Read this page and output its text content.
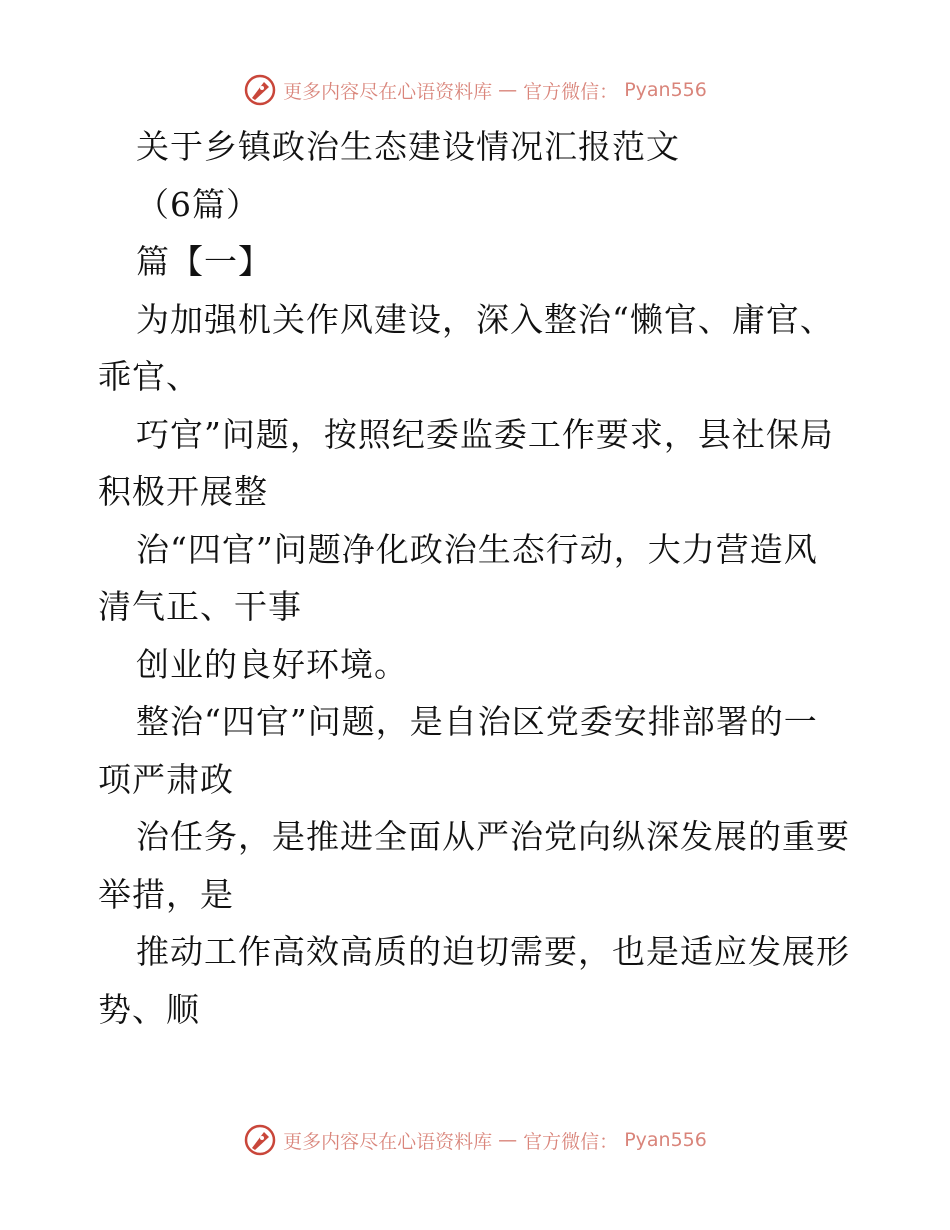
更多内容尽在心语资料库 — 官方微信： Pyan556
关于乡镇政治生态建设情况汇报范文
（6篇）
篇【一】
为加强机关作风建设，深入整治“懒官、庸官、
乖官、
巧官”问题，按照纪委监委工作要求，县社保局
积极开展整
治“四官”问题净化政治生态行动，大力营造风
清气正、干事
创业的良好环境。
整治“四官”问题，是自治区党委安排部署的一
项严肃政
治任务，是推进全面从严治党向纵深发展的重要
举措，是
推动工作高效高质的迫切需要，也是适应发展形
势、顺
更多内容尽在心语资料库 — 官方微信： Pyan556
